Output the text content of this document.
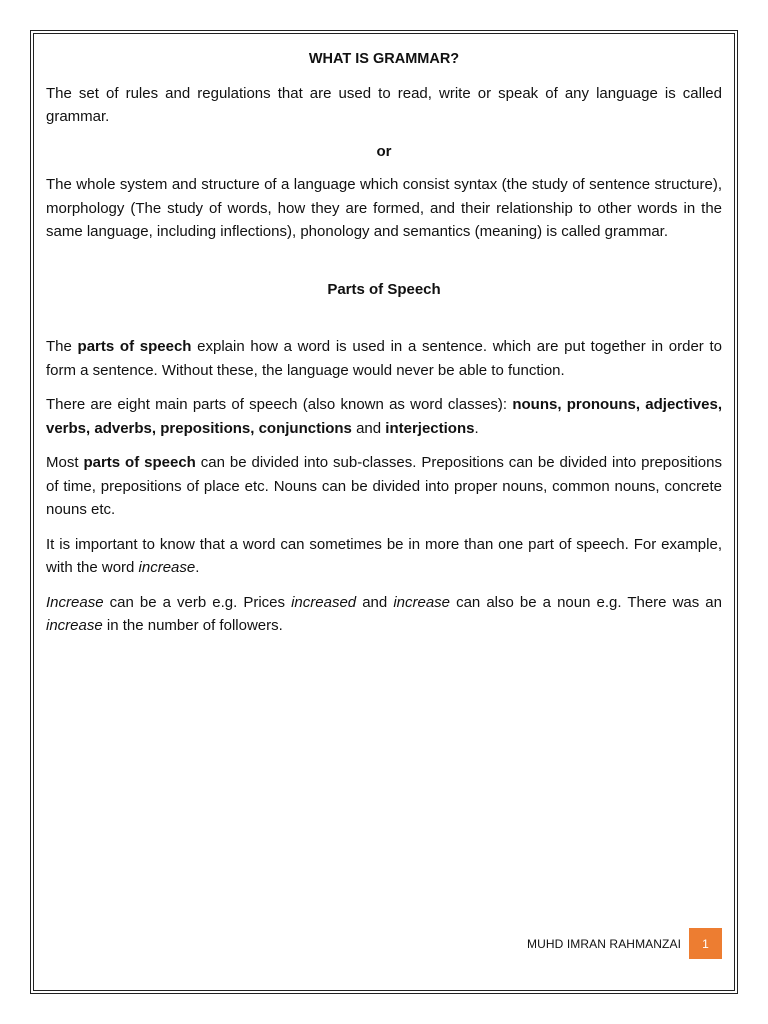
WHAT IS GRAMMAR?

The set of rules and regulations that are used to read, write or speak of any language is called grammar.

or

The whole system and structure of a language which consist syntax (the study of sentence structure), morphology (The study of words, how they are formed, and their relationship to other words in the same language, including inflections), phonology and semantics (meaning) is called grammar.

Parts of Speech

The parts of speech explain how a word is used in a sentence. which are put together in order to form a sentence. Without these, the language would never be able to function.

There are eight main parts of speech (also known as word classes): nouns, pronouns, adjectives, verbs, adverbs, prepositions, conjunctions and interjections.

Most parts of speech can be divided into sub-classes. Prepositions can be divided into prepositions of time, prepositions of place etc. Nouns can be divided into proper nouns, common nouns, concrete nouns etc.

It is important to know that a word can sometimes be in more than one part of speech. For example, with the word increase.

Increase can be a verb e.g. Prices increased and increase can also be a noun e.g. There was an increase in the number of followers.

MUHD IMRAN RAHMANZAI	1
